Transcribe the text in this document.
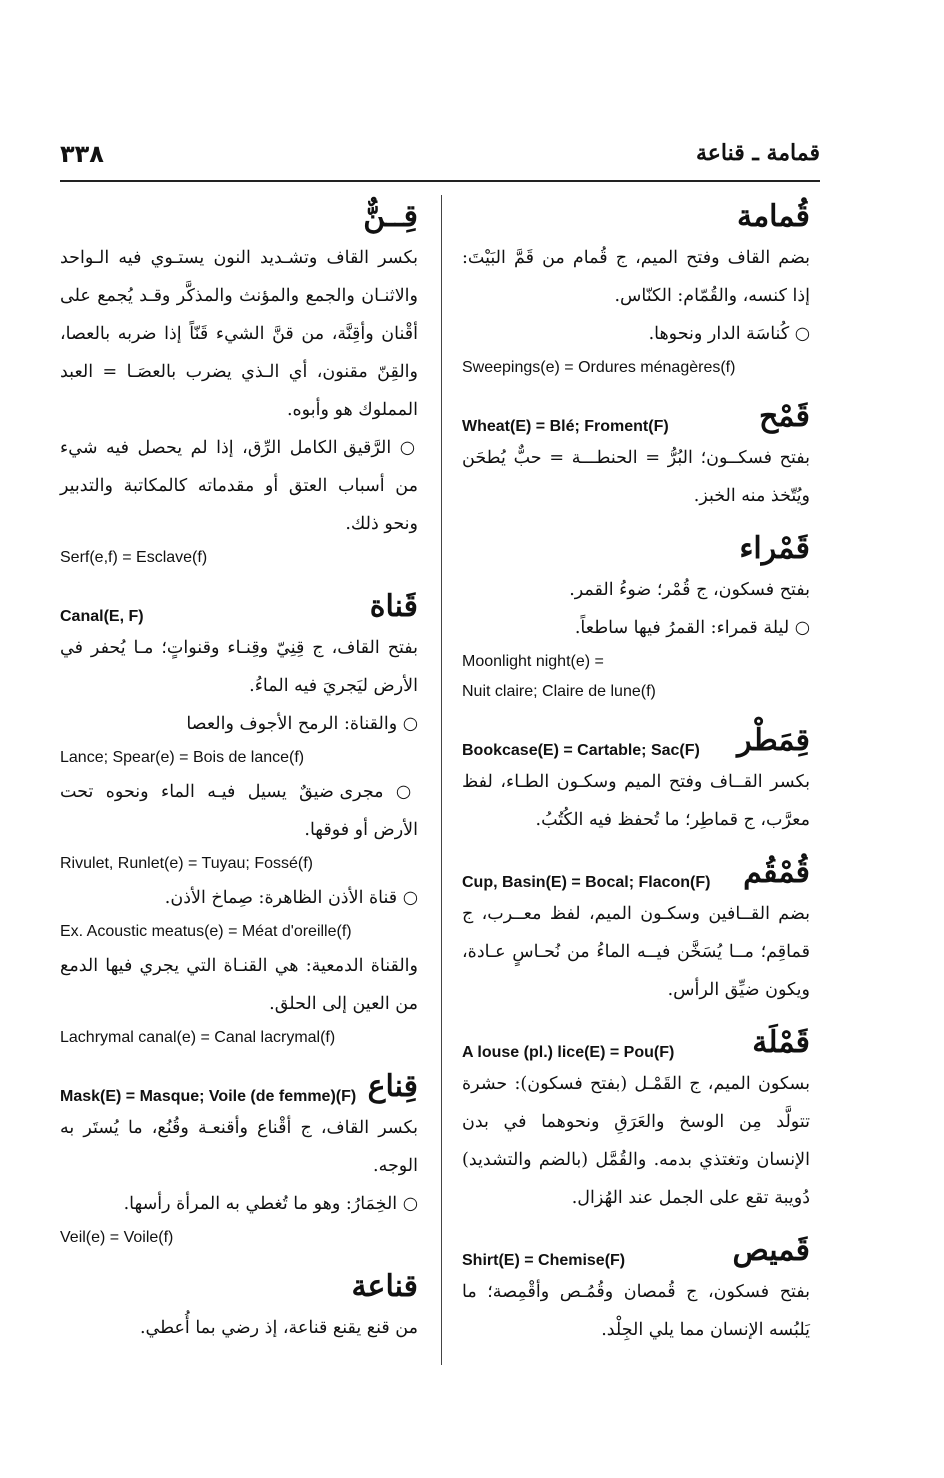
٣٣٨	قمامة ـ قناعة
قُمامة
بضم القاف وفتح الميم، ج قُمام من قَمَّ البَيْتَ: إذا كنسه، والقُمّام: الكنّاس.
○ كُناسَة الدار ونحوها.
Sweepings(e) = Ordures ménagères(f)
قَمْح
Wheat(E) = Blé; Froment(F)
بفتح فسكــون؛ البُرُّ = الحنطـــة = حبٌّ يُطحَن ويُتّخذ منه الخبز.
قَمْراء
بفتح فسكون، ج قُمْر؛ ضوءُ القمر.
○ ليلة قمراء: القمرُ فيها ساطعاً.
Moonlight night(e) =
Nuit claire; Claire de lune(f)
قِمَطْر
Bookcase(E) = Cartable; Sac(F)
بكسر القــاف وفتح الميم وسكـون الطـاء، لفظ معرَّب، ج قماطِر؛ ما تُحفظ فيه الكُتُبُ.
قُمْقُم
Cup, Basin(E) = Bocal; Flacon(F)
بضم القــافين وسكـون الميم، لفظ معــرب، ج قماقِم؛ مــا يُسَخَّن فيــه الماءُ من نُحـاسٍ عـادة، ويكون ضيِّق الرأس.
قَمْلَة
A louse (pl.) lice(E) = Pou(F)
بسكون الميم، ج القَمْـل (بفتح فسكون): حشرة تتولَّد مِن الوسخ والعَرَقِ ونحوهما في بدن الإنسان وتغتذي بدمه. والقُمَّل (بالضم والتشديد) دُويبة تقع على الجمل عند الهُزال.
قَميص
Shirt(E) = Chemise(F)
بفتح فسكون، ج قُمصان وقُمُـص وأقْمِصة؛ ما يَلبُسه الإنسان مما يلي الجِلْد.
قِــنٌّ
بكسر القاف وتشـديد النون يستـوي فيه الـواحد والاثنـان والجمع والمؤنث والمذكَّر وقـد يُجمع على أقْنان وأقِنَّة، من قنَّ الشيء قَنّاً إذا ضربه بالعصا، والقِنّ مقنون، أي الـذي يضرب بالعصَـا = العبد المملوك هو وأبوه.
○ الرَّقيق الكامل الرِّق، إذا لم يحصل فيه شيء من أسباب العتق أو مقدماته كالمكاتبة والتدبير ونحو ذلك.
Serf(e,f) = Esclave(f)
قَناة
Canal(E, F)
بفتح القاف، ج قِنِيّ وقِنـاء وقنواتٍ؛ مـا يُحفر في الأرض ليَجريَ فيه الماءُ.
○ والقناة: الرمح الأجوف والعصا
Lance; Spear(e) = Bois de lance(f)
○ مجرى ضيقٌ يسيل فيـه الماء ونحوه تحت الأرض أو فوقها.
Rivulet, Runlet(e) = Tuyau; Fossé(f)
○ قناة الأذن الظاهرة: صِماخ الأذن.
Ex. Acoustic meatus(e) = Méat d'oreille(f)
والقناة الدمعية: هي القنـاة التي يجري فيها الدمع من العين إلى الحلق.
Lachrymal canal(e) = Canal lacrymal(f)
قِناع
Mask(E) = Masque; Voile (de femme)(F)
بكسر القاف، ج أقْناع وأقنعـة وقُنُع، ما يُستَر به الوجه.
○ الخِمَارُ: وهو ما تُغطي به المرأة رأسها.
Veil(e) = Voile(f)
قناعة
من قنع يقنع قناعة، إذ رضي بما أُعطي.
